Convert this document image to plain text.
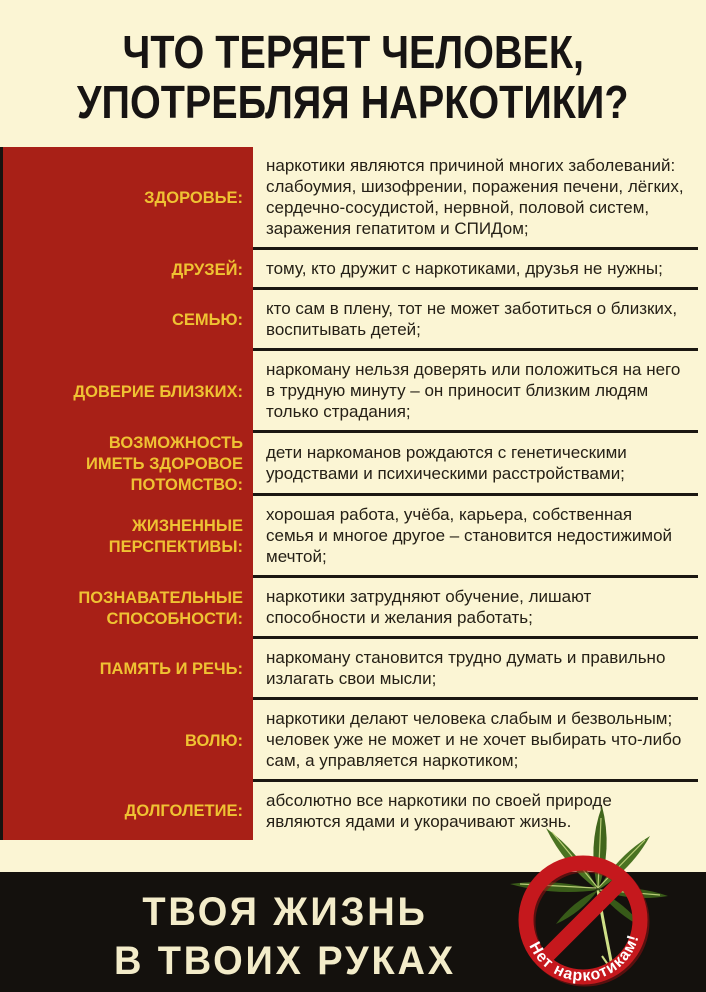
ЧТО ТЕРЯЕТ ЧЕЛОВЕК,
УПОТРЕБЛЯЯ НАРКОТИКИ?
ЗДОРОВЬЕ:
наркотики являются причиной многих заболеваний: слабоумия, шизофрении, поражения печени, лёгких, сердечно-сосудистой, нервной, половой систем, заражения гепатитом и СПИДом;
ДРУЗЕЙ: тому, кто дружит с наркотиками, друзья не нужны;
СЕМЬЮ:
кто сам в плену, тот не может заботиться о близких, воспитывать детей;
ДОВЕРИЕ БЛИЗКИХ:
наркоману нельзя доверять или положиться на него в трудную минуту – он приносит близким людям только страдания;
ВОЗМОЖНОСТЬ ИМЕТЬ ЗДОРОВОЕ ПОТОМСТВО:
дети наркоманов рождаются с генетическими уродствами и психическими расстройствами;
ЖИЗНЕННЫЕ ПЕРСПЕКТИВЫ:
хорошая работа, учёба, карьера, собственная семья и многое другое – становится недостижимой мечтой;
ПОЗНАВАТЕЛЬНЫЕ СПОСОБНОСТИ:
наркотики затрудняют обучение, лишают способности и желания работать;
ПАМЯТЬ И РЕЧЬ:
наркоману становится трудно думать и правильно излагать свои мысли;
ВОЛЮ:
наркотики делают человека слабым и безвольным; человек уже не может и не хочет выбирать что-либо сам, а управляется наркотиком;
ДОЛГОЛЕТИЕ:
абсолютно все наркотики по своей природе являются ядами и укорачивают жизнь.
ТВОЯ ЖИЗНЬ
В ТВОИХ РУКАХ	Нет наркотикам!
